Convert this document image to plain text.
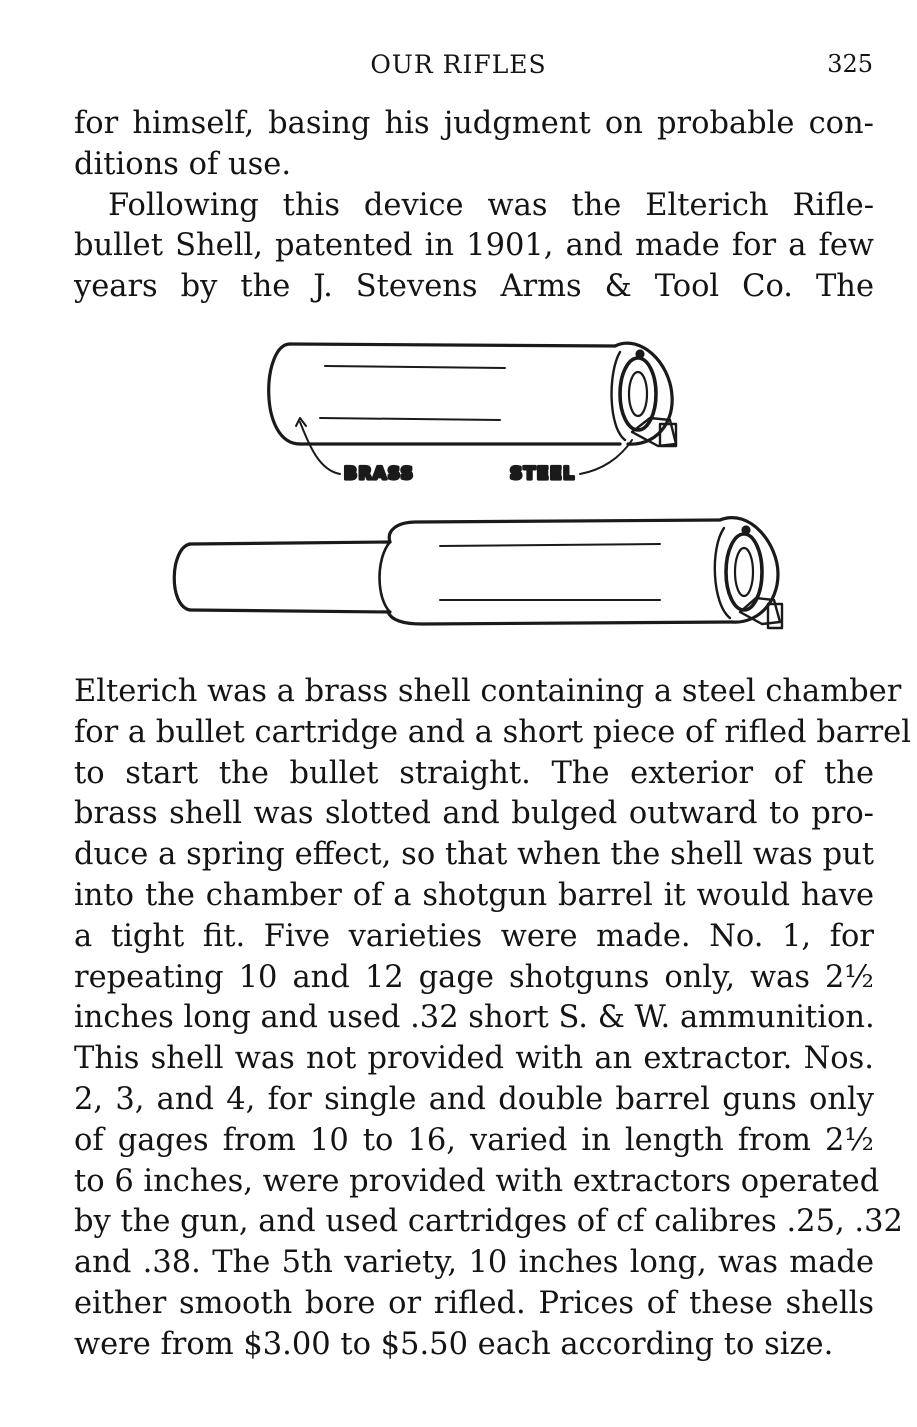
OUR RIFLES	325
for himself, basing his judgment on probable con-
ditions of use.
Following this device was the Elterich Rifle-
bullet Shell, patented in 1901, and made for a few
years by the J. Stevens Arms & Tool Co. The
BRASS	STEEL
Elterich was a brass shell containing a steel chamber
for a bullet cartridge and a short piece of rifled barrel
to start the bullet straight. The exterior of the
brass shell was slotted and bulged outward to pro-
duce a spring effect, so that when the shell was put
into the chamber of a shotgun barrel it would have
a tight fit. Five varieties were made. No. 1, for
repeating 10 and 12 gage shotguns only, was 2½
inches long and used .32 short S. & W. ammunition.
This shell was not provided with an extractor. Nos.
2, 3, and 4, for single and double barrel guns only
of gages from 10 to 16, varied in length from 2½
to 6 inches, were provided with extractors operated
by the gun, and used cartridges of cf calibres .25, .32
and .38. The 5th variety, 10 inches long, was made
either smooth bore or rifled. Prices of these shells
were from $3.00 to $5.50 each according to size.
